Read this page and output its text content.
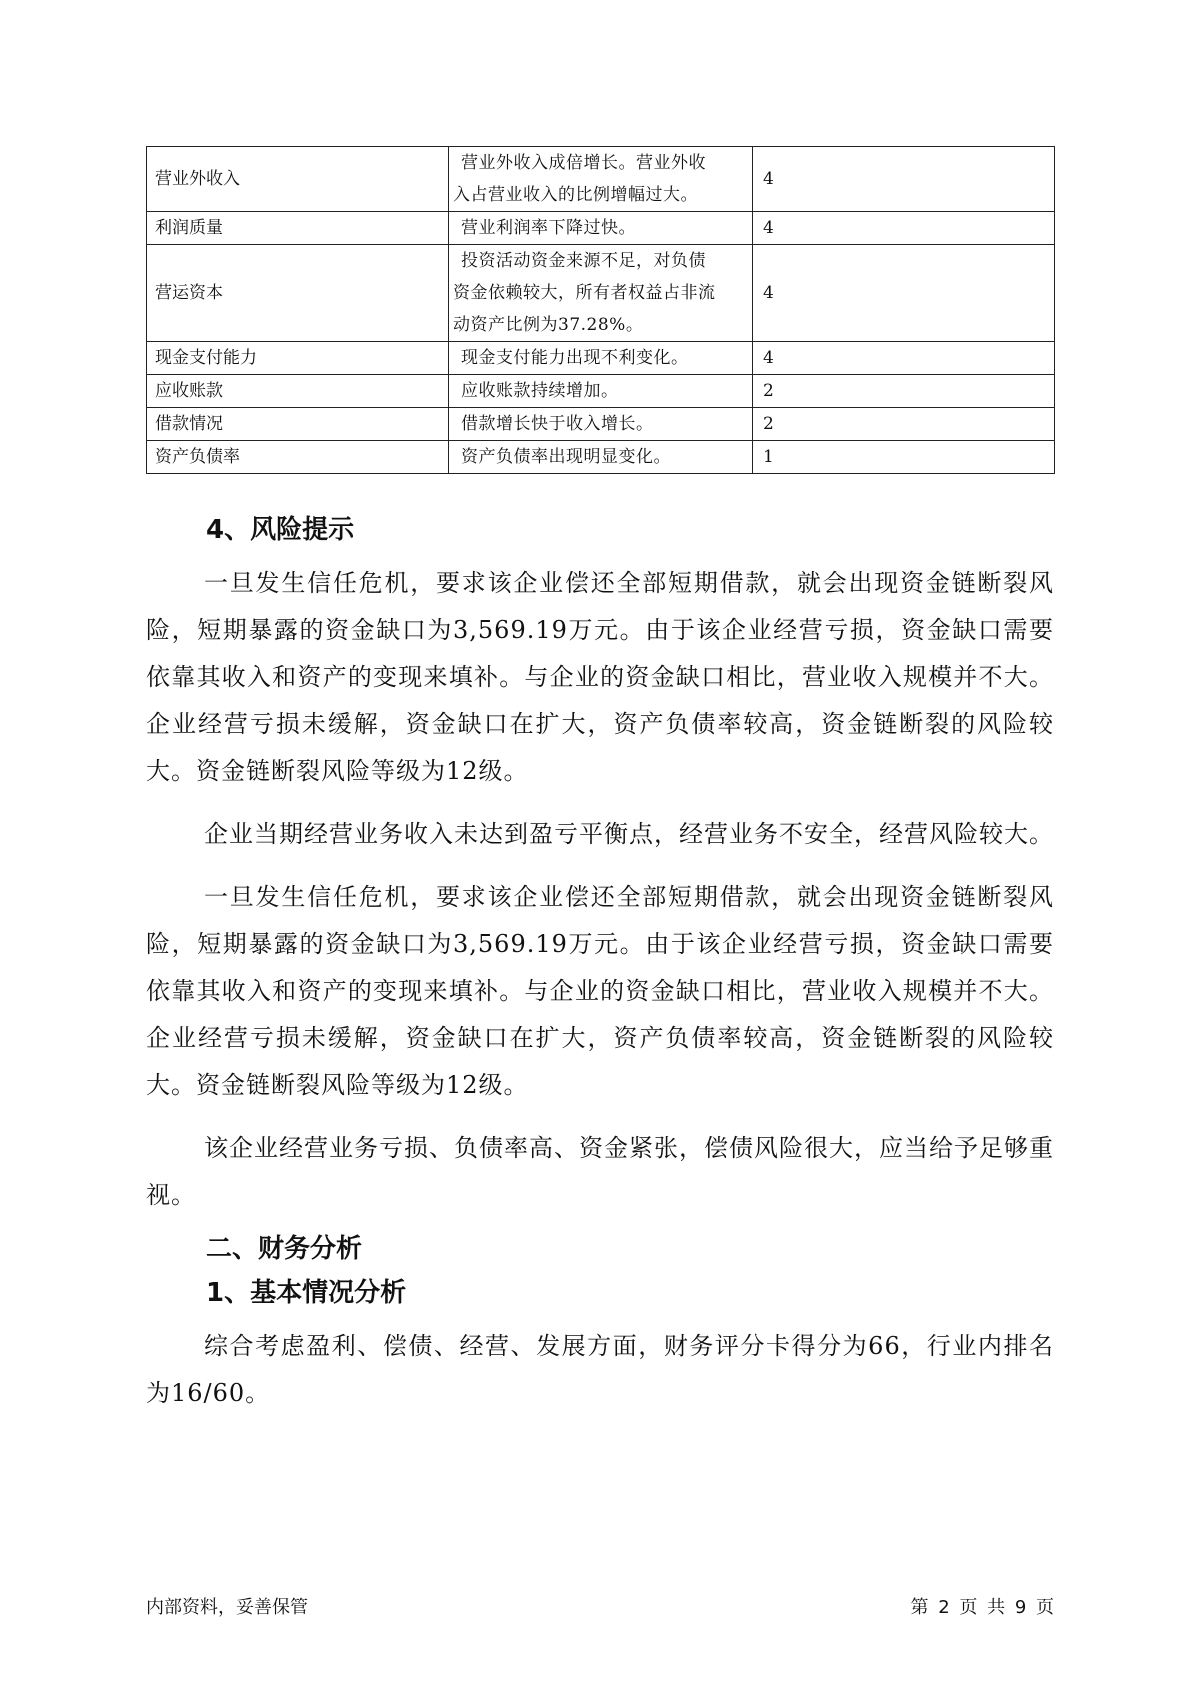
营业外收入	营业外收入成倍增长。营业外收
入占营业收入的比例增幅过大。	4
利润质量	营业利润率下降过快。	4
营运资本	投资活动资金来源不足，对负债
资金依赖较大，所有者权益占非流
动资产比例为37.28%。	4
现金支付能力	现金支付能力出现不利变化。	4
应收账款	应收账款持续增加。	2
借款情况	借款增长快于收入增长。	2
资产负债率	资产负债率出现明显变化。	1
4、风险提示

一旦发生信任危机，要求该企业偿还全部短期借款，就会出现资金链断裂风险，短期暴露的资金缺口为3,569.19万元。由于该企业经营亏损，资金缺口需要依靠其收入和资产的变现来填补。与企业的资金缺口相比，营业收入规模并不大。企业经营亏损未缓解，资金缺口在扩大，资产负债率较高，资金链断裂的风险较大。资金链断裂风险等级为12级。

企业当期经营业务收入未达到盈亏平衡点，经营业务不安全，经营风险较大。

一旦发生信任危机，要求该企业偿还全部短期借款，就会出现资金链断裂风险，短期暴露的资金缺口为3,569.19万元。由于该企业经营亏损，资金缺口需要依靠其收入和资产的变现来填补。与企业的资金缺口相比，营业收入规模并不大。企业经营亏损未缓解，资金缺口在扩大，资产负债率较高，资金链断裂的风险较大。资金链断裂风险等级为12级。

该企业经营业务亏损、负债率高、资金紧张，偿债风险很大，应当给予足够重视。

二、财务分析
1、基本情况分析

综合考虑盈利、偿债、经营、发展方面，财务评分卡得分为66，行业内排名为16/60。

内部资料，妥善保管	第 2 页 共 9 页
